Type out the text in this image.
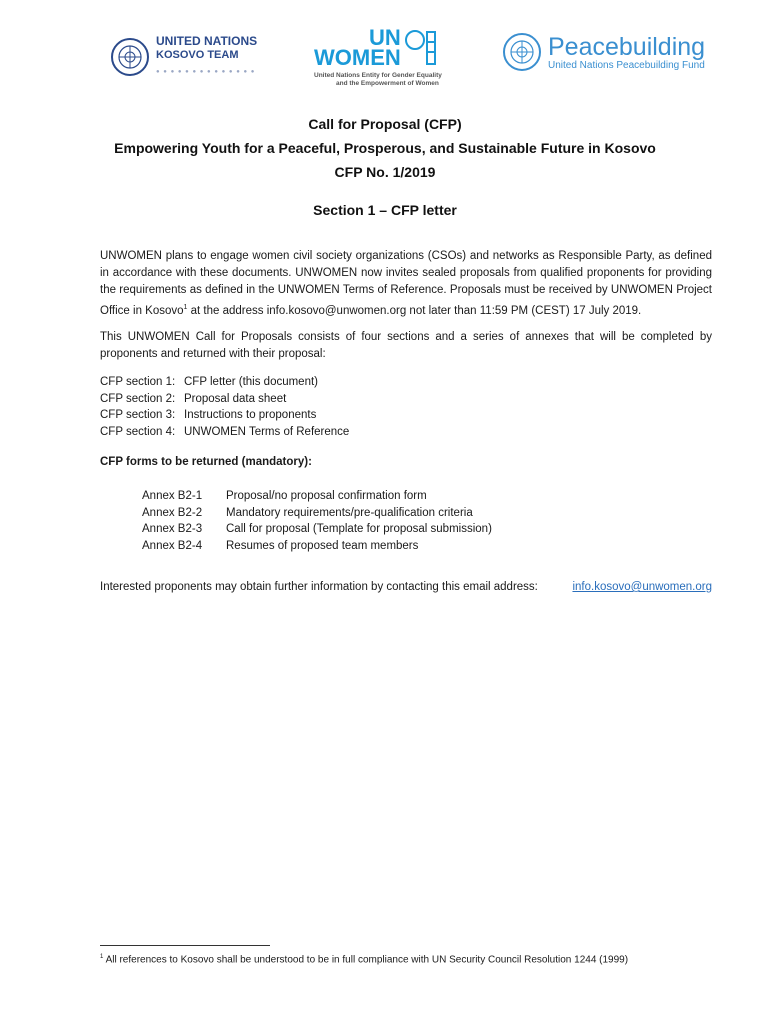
UNITED NATIONS
KOSOVO TEAM
● ● ● ● ● ● ● ● ● ● ● ● ● ●
UN
WOMEN
United Nations Entity for Gender Equality
and the Empowerment of Women
Peacebuilding
United Nations Peacebuilding Fund
Call for Proposal (CFP)
Empowering Youth for a Peaceful, Prosperous, and Sustainable Future in Kosovo
CFP No. 1/2019
Section 1 – CFP letter
UNWOMEN plans to engage women civil society organizations (CSOs) and networks as Responsible Party, as defined in accordance with these documents. UNWOMEN now invites sealed proposals from qualified proponents for providing the requirements as defined in the UNWOMEN Terms of Reference. Proposals must be received by UNWOMEN Project Office in Kosovo$^1$ at the address info.kosovo@unwomen.org not later than 11:59 PM (CEST) 17 July 2019.
This UNWOMEN Call for Proposals consists of four sections and a series of annexes that will be completed by proponents and returned with their proposal:
CFP section 1: CFP letter (this document)
CFP section 2: Proposal data sheet
CFP section 3: Instructions to proponents
CFP section 4: UNWOMEN Terms of Reference
CFP forms to be returned (mandatory):
Annex B2-1	Proposal/no proposal confirmation form
Annex B2-2	Mandatory requirements/pre-qualification criteria
Annex B2-3	Call for proposal (Template for proposal submission)
Annex B2-4	Resumes of proposed team members
Interested proponents may obtain further information by contacting this email address:	info.kosovo@unwomen.org
$^1$ All references to Kosovo shall be understood to be in full compliance with UN Security Council Resolution 1244 (1999)
